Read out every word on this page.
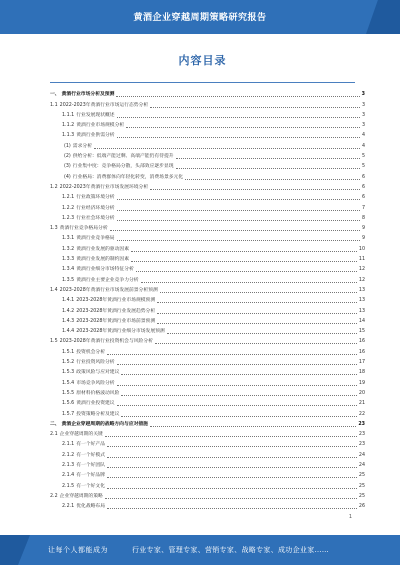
黄酒企业穿越周期策略研究报告
内容目录
一、 黄酒行业市场分析及预测	3
1.1 2022-2023年黄酒行业市场运行态势分析	3
1.1.1 行业发展现状概述	3
1.1.2 黄酒行业市场规模分析	3
1.1.3 黄酒行业供需分析	4
(1) 需求分析	4
(2) 供给分析：低端产能过剩、高端产能仍有待提升	5
(3) 行业集中度：竞争格局分散，头部效应逐步显现	5
(4) 行业格局：消费群体向年轻化转变，消费场景多元化	6
1.2 2022-2023年黄酒行业市场发展环境分析	6
1.2.1 行业政策环境分析	6
1.2.2 行业经济环境分析	7
1.2.3 行业社会环境分析	8
1.3 黄酒行业竞争格局分析	9
1.3.1 黄酒行业竞争格局	9
1.3.2 黄酒行业发展的驱动因素	10
1.3.3 黄酒行业发展的制约因素	11
1.3.4 黄酒行业细分市场特征分析	12
1.3.5 黄酒行业主要企业竞争力分析	12
1.4 2023-2028年黄酒行业市场发展前景分析预测	13
1.4.1 2023-2028年黄酒行业市场规模预测	13
1.4.2 2023-2028年黄酒行业发展趋势分析	13
1.4.3 2023-2028年黄酒行业市场前景预测	14
1.4.4 2023-2028年黄酒行业细分市场发展预测	15
1.5 2023-2028年黄酒行业投资机会与风险分析	16
1.5.1 投资机会分析	16
1.5.2 行业投资风险分析	17
1.5.3 政策风险与应对建议	18
1.5.4 市场竞争风险分析	19
1.5.5 原材料价格波动风险	20
1.5.6 黄酒行业投资建议	21
1.5.7 投资策略分析及建议	22
二、 黄酒企业穿越周期的战略方向与应对措施	23
2.1 企业穿越周期的关键	23
2.1.1 有一个好产品	23
2.1.2 有一个好模式	24
2.1.3 有一个好团队	24
2.1.4 有一个好品牌	25
2.1.5 有一个好文化	25
2.2 企业穿越周期的策略	25
2.2.1 优化战略布局	26
1
让每个人都能成为	行业专家、管理专家、营销专家、战略专家、成功企业家……
